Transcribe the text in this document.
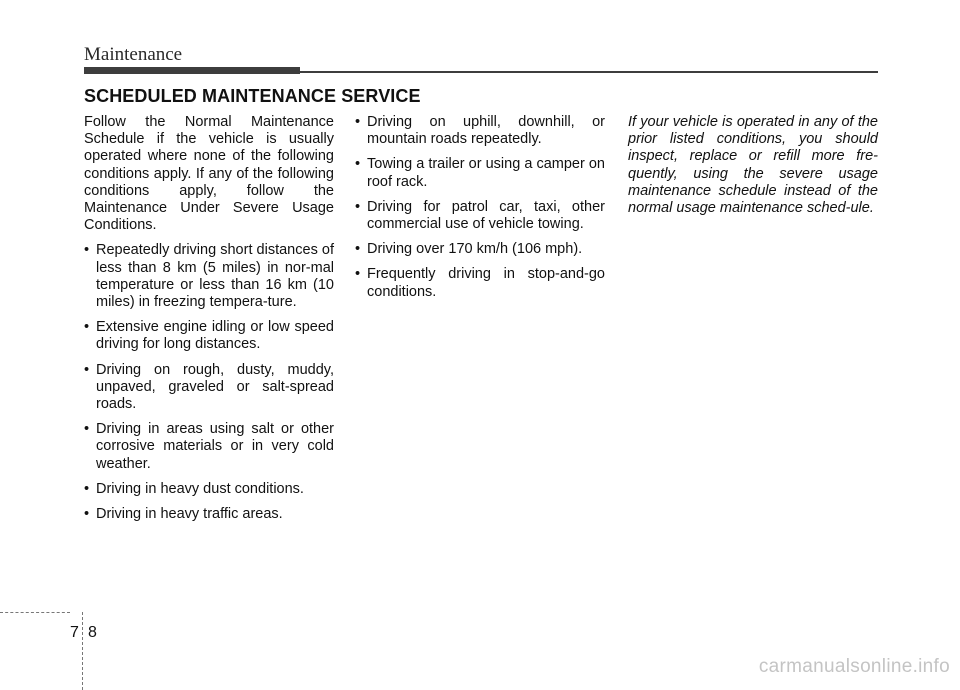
Maintenance
SCHEDULED MAINTENANCE SERVICE

Follow the Normal Maintenance Schedule if the vehicle is usually operated where none of the following conditions apply. If any of the following conditions apply, follow the Maintenance Under Severe Usage Conditions.

• Repeatedly driving short distances of less than 8 km (5 miles) in nor-mal temperature or less than 16 km (10 miles) in freezing tempera-ture.
• Extensive engine idling or low speed driving for long distances.
• Driving on rough, dusty, muddy, unpaved, graveled or salt-spread roads.
• Driving in areas using salt or other corrosive materials or in very cold weather.
• Driving in heavy dust conditions.
• Driving in heavy traffic areas.
• Driving on uphill, downhill, or mountain roads repeatedly.
• Towing a trailer or using a camper on roof rack.
• Driving for patrol car, taxi, other commercial use of vehicle towing.
• Driving over 170 km/h (106 mph).
• Frequently driving in stop-and-go conditions.

If your vehicle is operated in any of the prior listed conditions, you should inspect, replace or refill more fre-quently, using the severe usage maintenance schedule instead of the normal usage maintenance sched-ule.

7 8
carmanualsonline.info
